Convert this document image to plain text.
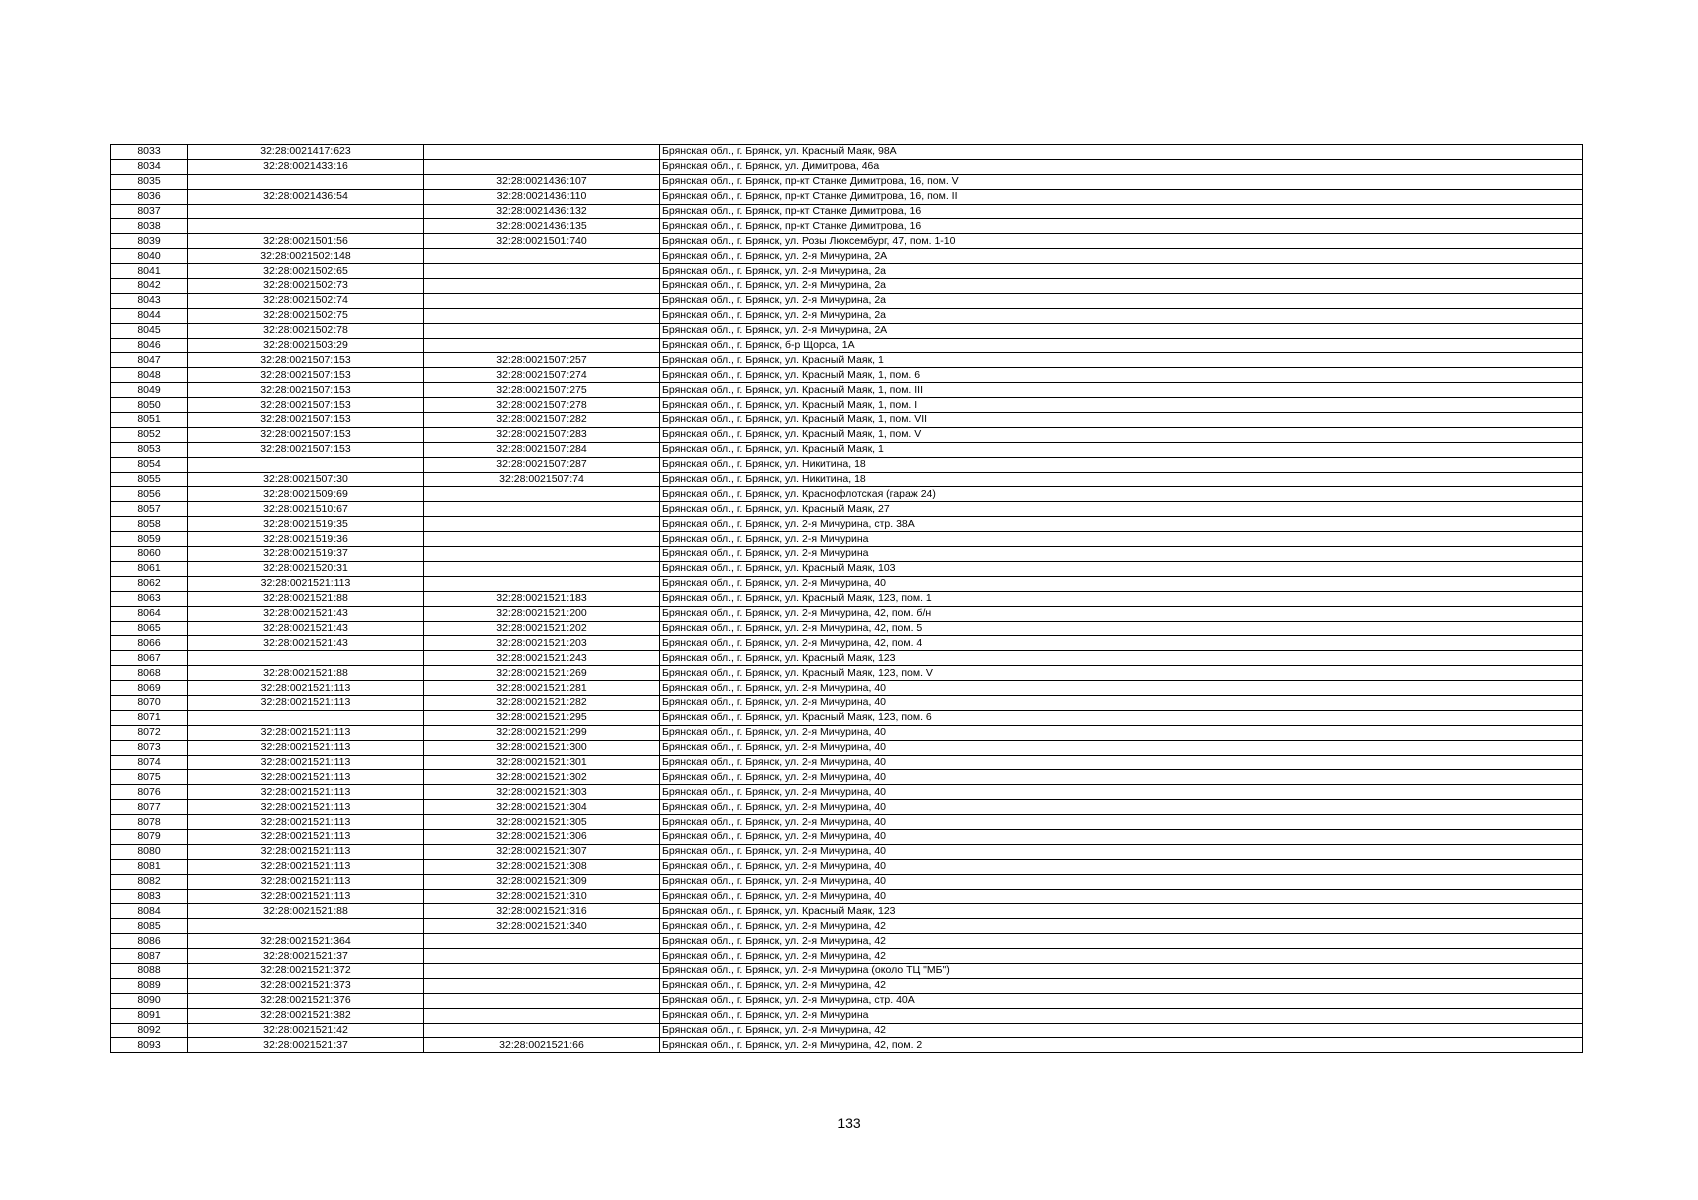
8033	32:28:0021417:623		Брянская обл., г. Брянск, ул. Красный Маяк, 98А
8034	32:28:0021433:16		Брянская обл., г. Брянск, ул. Димитрова, 46а
8035		32:28:0021436:107	Брянская обл., г. Брянск, пр-кт Станке Димитрова, 16, пом. V
8036	32:28:0021436:54	32:28:0021436:110	Брянская обл., г. Брянск, пр-кт Станке Димитрова, 16, пом. II
8037		32:28:0021436:132	Брянская обл., г. Брянск, пр-кт Станке Димитрова, 16
8038		32:28:0021436:135	Брянская обл., г. Брянск, пр-кт Станке Димитрова, 16
8039	32:28:0021501:56	32:28:0021501:740	Брянская обл., г. Брянск, ул. Розы Люксембург, 47, пом. 1-10
8040	32:28:0021502:148		Брянская обл., г. Брянск, ул. 2-я Мичурина, 2А
8041	32:28:0021502:65		Брянская обл., г. Брянск, ул. 2-я Мичурина, 2а
8042	32:28:0021502:73		Брянская обл., г. Брянск, ул. 2-я Мичурина, 2а
8043	32:28:0021502:74		Брянская обл., г. Брянск, ул. 2-я Мичурина, 2а
8044	32:28:0021502:75		Брянская обл., г. Брянск, ул. 2-я Мичурина, 2а
8045	32:28:0021502:78		Брянская обл., г. Брянск, ул. 2-я Мичурина, 2А
8046	32:28:0021503:29		Брянская обл., г. Брянск, б-р Щорса, 1А
8047	32:28:0021507:153	32:28:0021507:257	Брянская обл., г. Брянск, ул. Красный Маяк, 1
8048	32:28:0021507:153	32:28:0021507:274	Брянская обл., г. Брянск, ул. Красный Маяк, 1, пом. 6
8049	32:28:0021507:153	32:28:0021507:275	Брянская обл., г. Брянск, ул. Красный Маяк, 1, пом. III
8050	32:28:0021507:153	32:28:0021507:278	Брянская обл., г. Брянск, ул. Красный Маяк, 1, пом. I
8051	32:28:0021507:153	32:28:0021507:282	Брянская обл., г. Брянск, ул. Красный Маяк, 1, пом. VII
8052	32:28:0021507:153	32:28:0021507:283	Брянская обл., г. Брянск, ул. Красный Маяк, 1, пом. V
8053	32:28:0021507:153	32:28:0021507:284	Брянская обл., г. Брянск, ул. Красный Маяк, 1
8054		32:28:0021507:287	Брянская обл., г. Брянск, ул. Никитина, 18
8055	32:28:0021507:30	32:28:0021507:74	Брянская обл., г. Брянск, ул. Никитина, 18
8056	32:28:0021509:69		Брянская обл., г. Брянск, ул. Краснофлотская (гараж 24)
8057	32:28:0021510:67		Брянская обл., г. Брянск, ул. Красный Маяк, 27
8058	32:28:0021519:35		Брянская обл., г. Брянск, ул. 2-я Мичурина, стр. 38А
8059	32:28:0021519:36		Брянская обл., г. Брянск, ул. 2-я Мичурина
8060	32:28:0021519:37		Брянская обл., г. Брянск, ул. 2-я Мичурина
8061	32:28:0021520:31		Брянская обл., г. Брянск, ул. Красный Маяк, 103
8062	32:28:0021521:113		Брянская обл., г. Брянск, ул. 2-я Мичурина, 40
8063	32:28:0021521:88	32:28:0021521:183	Брянская обл., г. Брянск, ул. Красный Маяк, 123, пом. 1
8064	32:28:0021521:43	32:28:0021521:200	Брянская обл., г. Брянск, ул. 2-я Мичурина, 42, пом. б/н
8065	32:28:0021521:43	32:28:0021521:202	Брянская обл., г. Брянск, ул. 2-я Мичурина, 42, пом. 5
8066	32:28:0021521:43	32:28:0021521:203	Брянская обл., г. Брянск, ул. 2-я Мичурина, 42, пом. 4
8067		32:28:0021521:243	Брянская обл., г. Брянск, ул. Красный Маяк, 123
8068	32:28:0021521:88	32:28:0021521:269	Брянская обл., г. Брянск, ул. Красный Маяк, 123, пом. V
8069	32:28:0021521:113	32:28:0021521:281	Брянская обл., г. Брянск, ул. 2-я Мичурина, 40
8070	32:28:0021521:113	32:28:0021521:282	Брянская обл., г. Брянск, ул. 2-я Мичурина, 40
8071		32:28:0021521:295	Брянская обл., г. Брянск, ул. Красный Маяк, 123, пом. 6
8072	32:28:0021521:113	32:28:0021521:299	Брянская обл., г. Брянск, ул. 2-я Мичурина, 40
8073	32:28:0021521:113	32:28:0021521:300	Брянская обл., г. Брянск, ул. 2-я Мичурина, 40
8074	32:28:0021521:113	32:28:0021521:301	Брянская обл., г. Брянск, ул. 2-я Мичурина, 40
8075	32:28:0021521:113	32:28:0021521:302	Брянская обл., г. Брянск, ул. 2-я Мичурина, 40
8076	32:28:0021521:113	32:28:0021521:303	Брянская обл., г. Брянск, ул. 2-я Мичурина, 40
8077	32:28:0021521:113	32:28:0021521:304	Брянская обл., г. Брянск, ул. 2-я Мичурина, 40
8078	32:28:0021521:113	32:28:0021521:305	Брянская обл., г. Брянск, ул. 2-я Мичурина, 40
8079	32:28:0021521:113	32:28:0021521:306	Брянская обл., г. Брянск, ул. 2-я Мичурина, 40
8080	32:28:0021521:113	32:28:0021521:307	Брянская обл., г. Брянск, ул. 2-я Мичурина, 40
8081	32:28:0021521:113	32:28:0021521:308	Брянская обл., г. Брянск, ул. 2-я Мичурина, 40
8082	32:28:0021521:113	32:28:0021521:309	Брянская обл., г. Брянск, ул. 2-я Мичурина, 40
8083	32:28:0021521:113	32:28:0021521:310	Брянская обл., г. Брянск, ул. 2-я Мичурина, 40
8084	32:28:0021521:88	32:28:0021521:316	Брянская обл., г. Брянск, ул. Красный Маяк, 123
8085		32:28:0021521:340	Брянская обл., г. Брянск, ул. 2-я Мичурина, 42
8086	32:28:0021521:364		Брянская обл., г. Брянск, ул. 2-я Мичурина, 42
8087	32:28:0021521:37		Брянская обл., г. Брянск, ул. 2-я Мичурина, 42
8088	32:28:0021521:372		Брянская обл., г. Брянск, ул. 2-я Мичурина (около ТЦ "МБ")
8089	32:28:0021521:373		Брянская обл., г. Брянск, ул. 2-я Мичурина, 42
8090	32:28:0021521:376		Брянская обл., г. Брянск, ул. 2-я Мичурина, стр. 40А
8091	32:28:0021521:382		Брянская обл., г. Брянск, ул. 2-я Мичурина
8092	32:28:0021521:42		Брянская обл., г. Брянск, ул. 2-я Мичурина, 42
8093	32:28:0021521:37	32:28:0021521:66	Брянская обл., г. Брянск, ул. 2-я Мичурина, 42, пом. 2
133
